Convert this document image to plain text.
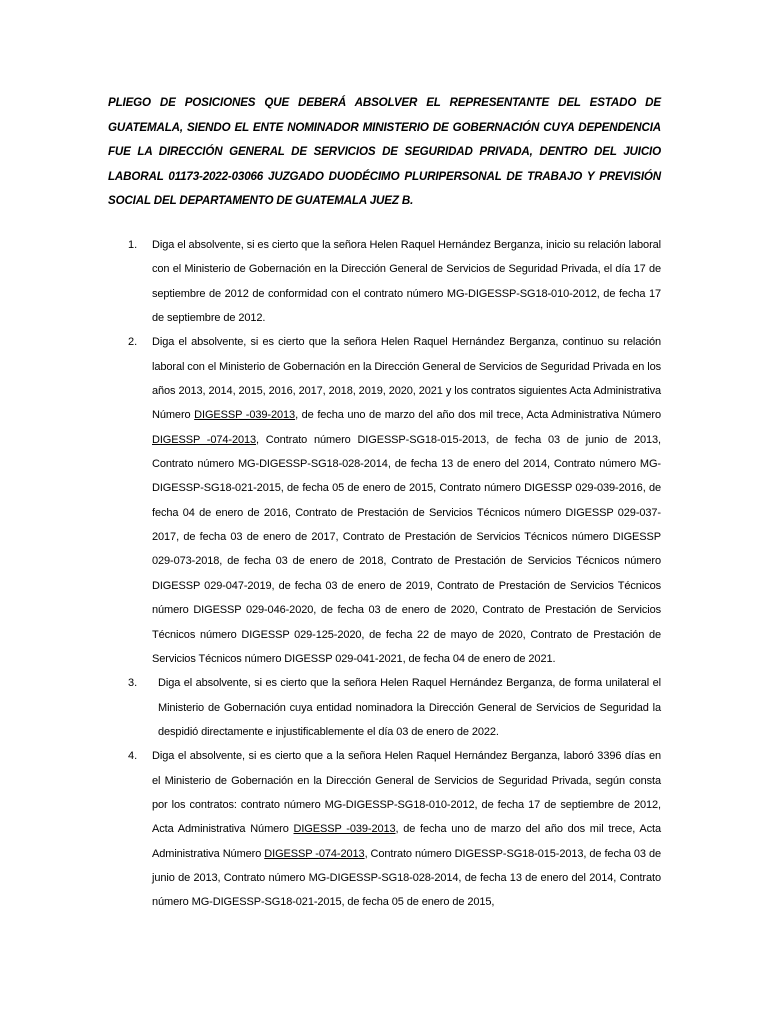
PLIEGO DE POSICIONES QUE DEBERÁ ABSOLVER EL REPRESENTANTE DEL ESTADO DE GUATEMALA, SIENDO EL ENTE NOMINADOR MINISTERIO DE GOBERNACIÓN CUYA DEPENDENCIA FUE LA DIRECCIÓN GENERAL DE SERVICIOS DE SEGURIDAD PRIVADA, DENTRO DEL JUICIO LABORAL 01173-2022-03066 JUZGADO DUODÉCIMO PLURIPERSONAL DE TRABAJO Y PREVISIÓN SOCIAL DEL DEPARTAMENTO DE GUATEMALA JUEZ B.

1. Diga el absolvente, si es cierto que la señora Helen Raquel Hernández Berganza, inicio su relación laboral con el Ministerio de Gobernación en la Dirección General de Servicios de Seguridad Privada, el día 17 de septiembre de 2012 de conformidad con el contrato número MG-DIGESSP-SG18-010-2012, de fecha 17 de septiembre de 2012.
2. Diga el absolvente, si es cierto que la señora Helen Raquel Hernández Berganza, continuo su relación laboral con el Ministerio de Gobernación en la Dirección General de Servicios de Seguridad Privada en los años 2013, 2014, 2015, 2016, 2017, 2018, 2019, 2020, 2021 y los contratos siguientes Acta Administrativa Número DIGESSP -039-2013, de fecha uno de marzo del año dos mil trece, Acta Administrativa Número DIGESSP -074-2013, Contrato número DIGESSP-SG18-015-2013, de fecha 03 de junio de 2013, Contrato número MG-DIGESSP-SG18-028-2014, de fecha 13 de enero del 2014, Contrato número MG-DIGESSP-SG18-021-2015, de fecha 05 de enero de 2015, Contrato número DIGESSP 029-039-2016, de fecha 04 de enero de 2016, Contrato de Prestación de Servicios Técnicos número DIGESSP 029-037-2017, de fecha 03 de enero de 2017, Contrato de Prestación de Servicios Técnicos número DIGESSP 029-073-2018, de fecha 03 de enero de 2018, Contrato de Prestación de Servicios Técnicos número DIGESSP 029-047-2019, de fecha 03 de enero de 2019, Contrato de Prestación de Servicios Técnicos número DIGESSP 029-046-2020, de fecha 03 de enero de 2020, Contrato de Prestación de Servicios Técnicos número DIGESSP 029-125-2020, de fecha 22 de mayo de 2020, Contrato de Prestación de Servicios Técnicos número DIGESSP 029-041-2021, de fecha 04 de enero de 2021.
3. Diga el absolvente, si es cierto que la señora Helen Raquel Hernández Berganza, de forma unilateral el Ministerio de Gobernación cuya entidad nominadora la Dirección General de Servicios de Seguridad la despidió directamente e injustificablemente el día 03 de enero de 2022.
4. Diga el absolvente, si es cierto que a la señora Helen Raquel Hernández Berganza, laboró 3396 días en el Ministerio de Gobernación en la Dirección General de Servicios de Seguridad Privada, según consta por los contratos: contrato número MG-DIGESSP-SG18-010-2012, de fecha 17 de septiembre de 2012, Acta Administrativa Número DIGESSP -039-2013, de fecha uno de marzo del año dos mil trece, Acta Administrativa Número DIGESSP -074-2013, Contrato número DIGESSP-SG18-015-2013, de fecha 03 de junio de 2013, Contrato número MG-DIGESSP-SG18-028-2014, de fecha 13 de enero del 2014, Contrato número MG-DIGESSP-SG18-021-2015, de fecha 05 de enero de 2015,
